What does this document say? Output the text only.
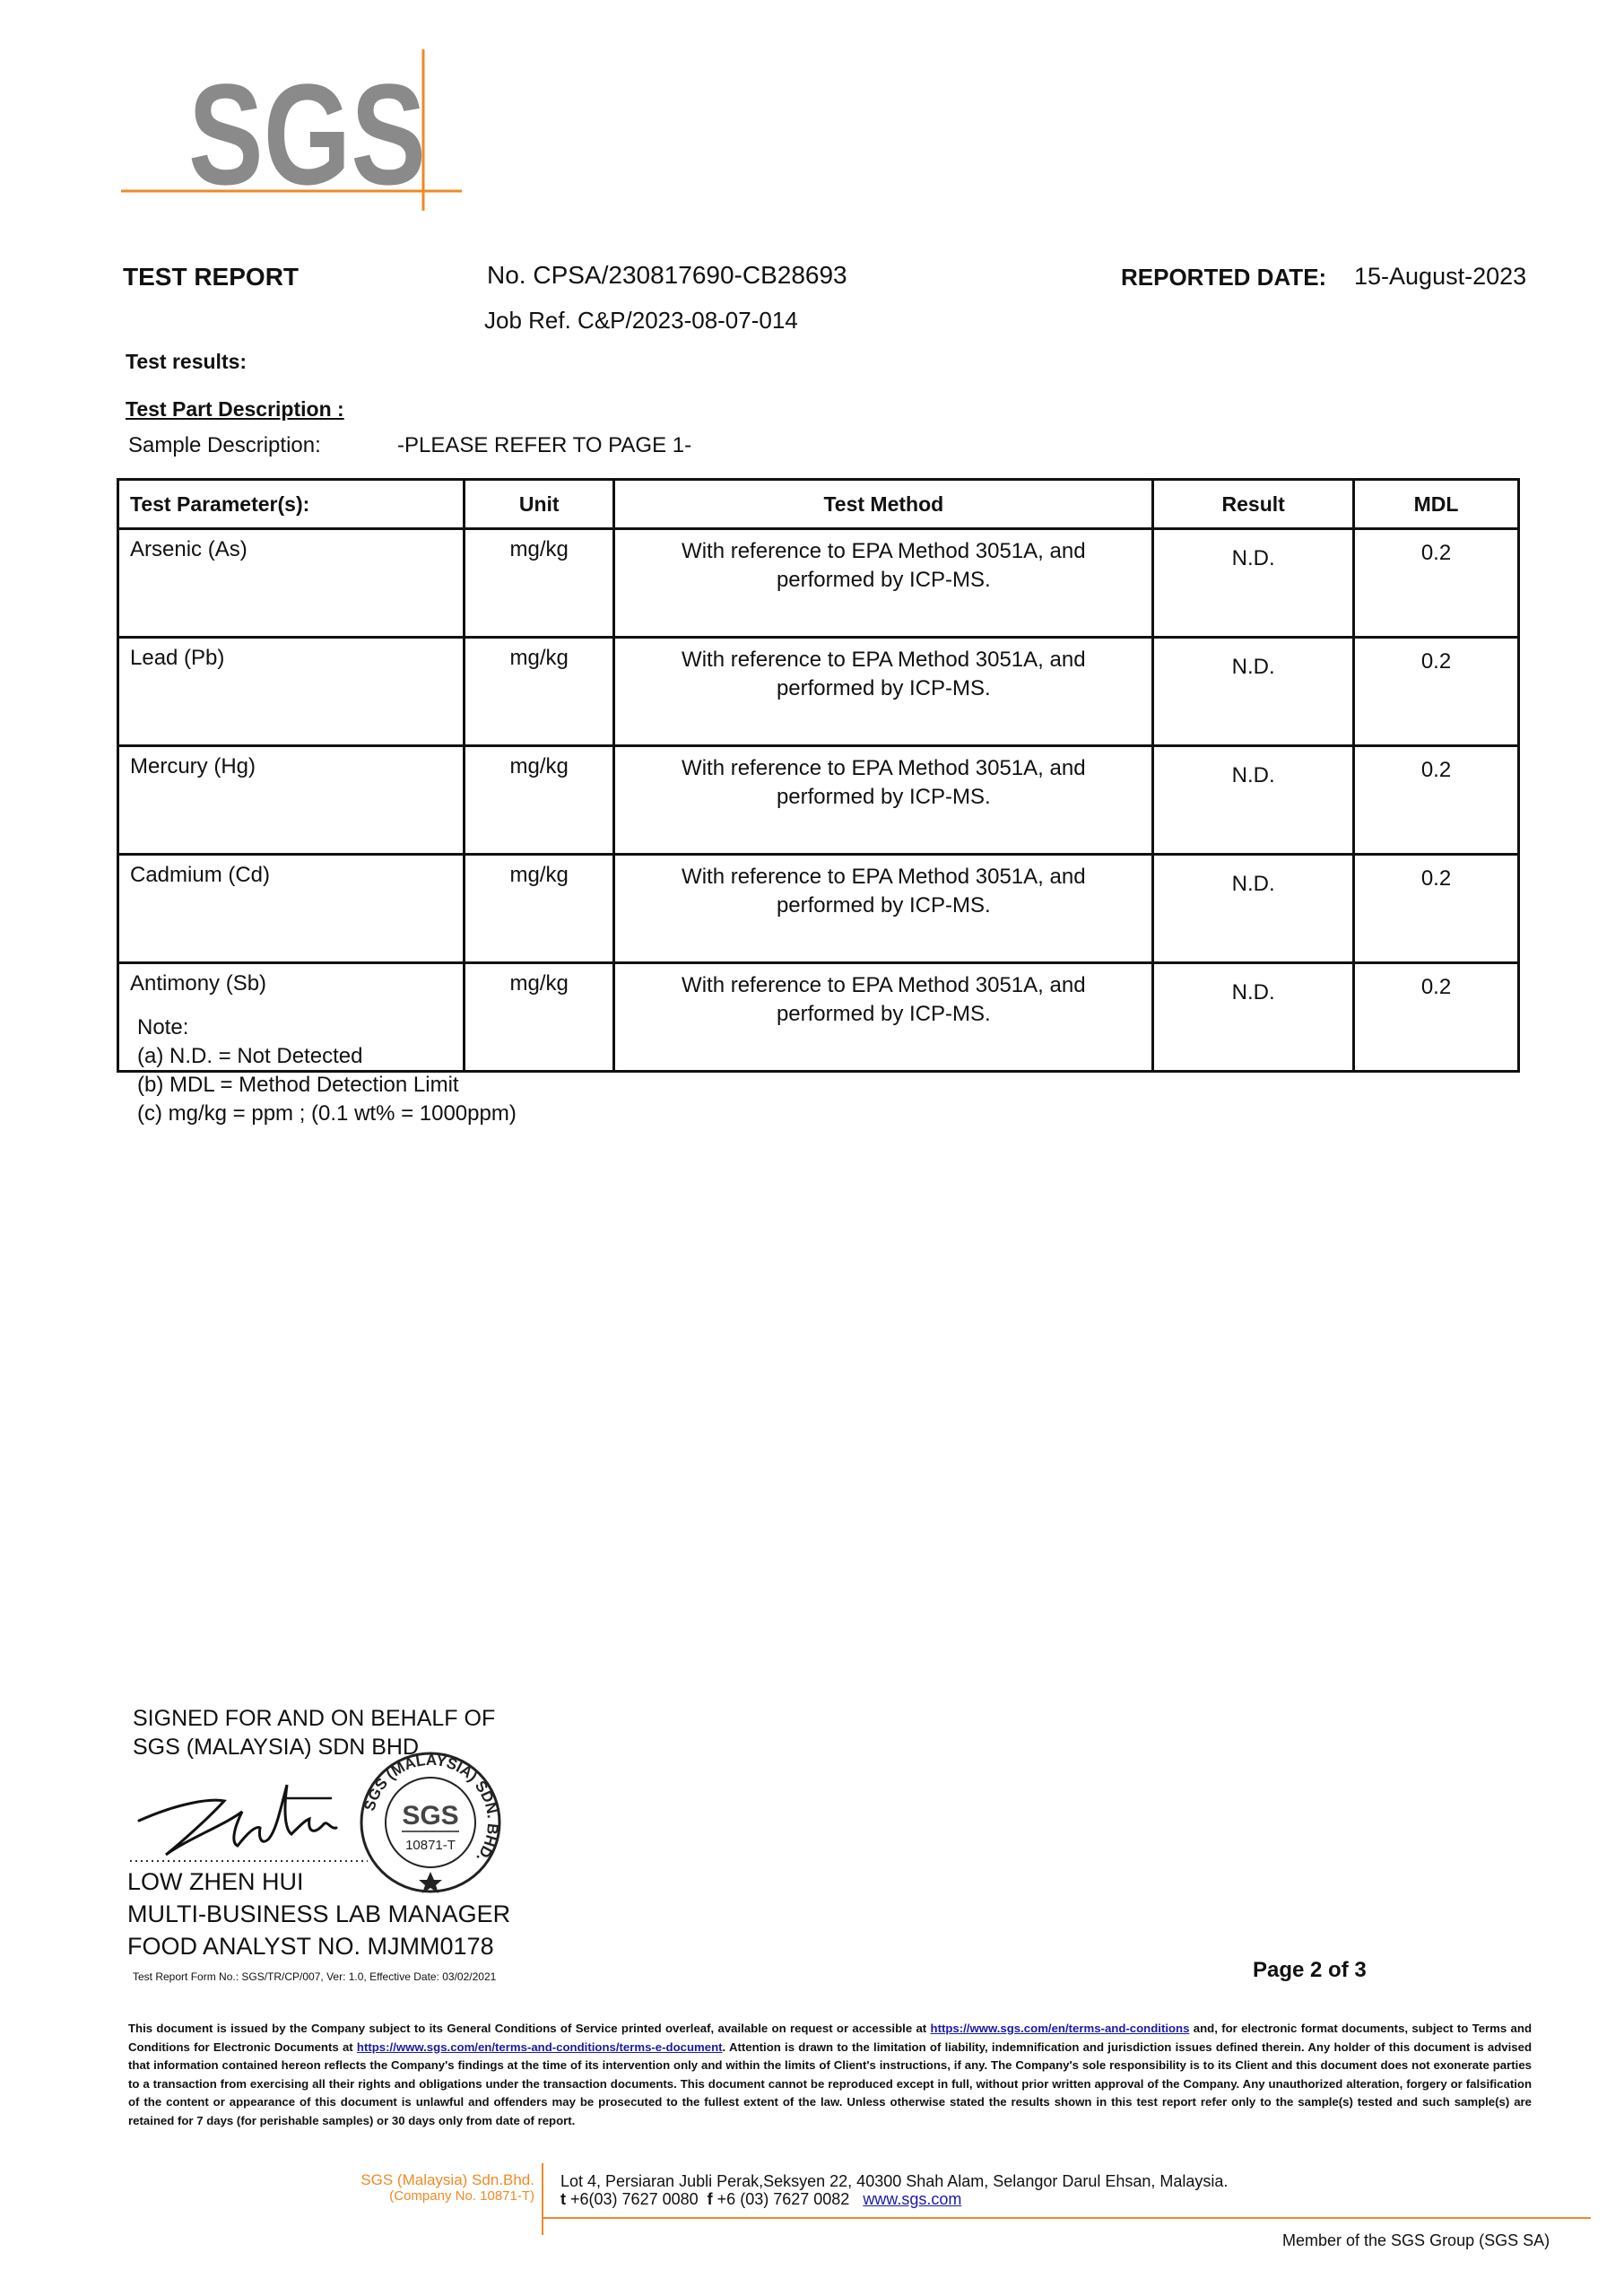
SGS
TEST REPORT	No. CPSA/230817690-CB28693
Job Ref. C&P/2023-08-07-014
REPORTED DATE: 15-August-2023
Test results:
Test Part Description :
Sample Description:	-PLEASE REFER TO PAGE 1-
Test Parameter(s):	Unit	Test Method	Result	MDL
Arsenic (As)	mg/kg	With reference to EPA Method 3051A, and
performed by ICP-MS.	N.D.	0.2
Lead (Pb)	mg/kg	With reference to EPA Method 3051A, and
performed by ICP-MS.	N.D.	0.2
Mercury (Hg)	mg/kg	With reference to EPA Method 3051A, and
performed by ICP-MS.	N.D.	0.2
Cadmium (Cd)	mg/kg	With reference to EPA Method 3051A, and
performed by ICP-MS.	N.D.	0.2
Antimony (Sb)	mg/kg	With reference to EPA Method 3051A, and
performed by ICP-MS.	N.D.	0.2
Note:
(a) N.D. = Not Detected
(b) MDL = Method Detection Limit
(c) mg/kg = ppm ; (0.1 wt% = 1000ppm)
SIGNED FOR AND ON BEHALF OF
SGS (MALAYSIA) SDN BHD
SGS (MALAYSIA) SDN. BHD.
SGS
10871-T
LOW ZHEN HUI
MULTI-BUSINESS LAB MANAGER
FOOD ANALYST NO. MJMM0178
Test Report Form No.: SGS/TR/CP/007, Ver: 1.0, Effective Date: 03/02/2021	Page 2 of 3
This document is issued by the Company subject to its General Conditions of Service printed overleaf, available on request or accessible at https://www.sgs.com/en/terms-and-conditions and, for electronic format documents, subject to Terms and Conditions for Electronic Documents at https://www.sgs.com/en/terms-and-conditions/terms-e-document. Attention is drawn to the limitation of liability, indemnification and jurisdiction issues defined therein. Any holder of this document is advised that information contained hereon reflects the Company's findings at the time of its intervention only and within the limits of Client's instructions, if any. The Company's sole responsibility is to its Client and this document does not exonerate parties to a transaction from exercising all their rights and obligations under the transaction documents. This document cannot be reproduced except in full, without prior written approval of the Company. Any unauthorized alteration, forgery or falsification of the content or appearance of this document is unlawful and offenders may be prosecuted to the fullest extent of the law. Unless otherwise stated the results shown in this test report refer only to the sample(s) tested and such sample(s) are retained for 7 days (for perishable samples) or 30 days only from date of report.
SGS (Malaysia) Sdn.Bhd.
(Company No. 10871-T)
Lot 4, Persiaran Jubli Perak,Seksyen 22, 40300 Shah Alam, Selangor Darul Ehsan, Malaysia.
t +6(03) 7627 0080 f +6 (03) 7627 0082 www.sgs.com
Member of the SGS Group (SGS SA)
